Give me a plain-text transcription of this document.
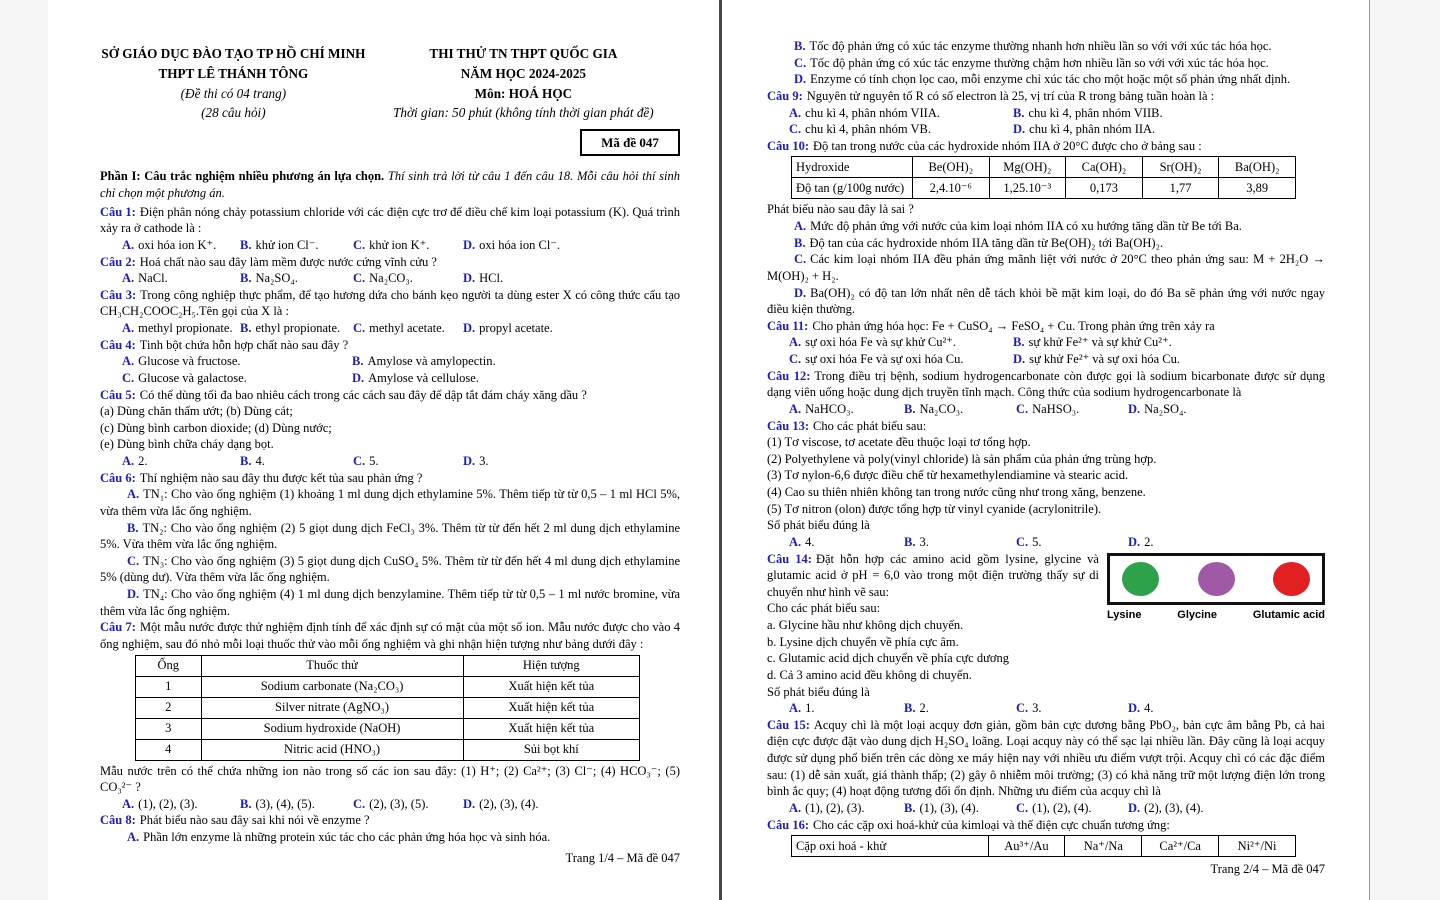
SỞ GIÁO DỤC ĐÀO TẠO TP HỒ CHÍ MINH
THPT LÊ THÁNH TÔNG
(Đề thi có 04 trang)
(28 câu hỏi)
THI THỬ TN THPT QUỐC GIA
NĂM HỌC 2024-2025
Môn: HOÁ HỌC
Thời gian: 50 phút (không tính thời gian phát đề)
Mã đề 047
Phần I: Câu trắc nghiệm nhiều phương án lựa chọn. Thí sinh trả lời từ câu 1 đến câu 18. Mỗi câu hỏi thí sinh chỉ chọn một phương án.
Câu 1: Điện phân nóng chảy potassium chloride với các điện cực trơ để điều chế kim loại potassium (K). Quá trình xảy ra ở cathode là :
A. oxi hóa ion K⁺.	B. khử ion Cl⁻.	C. khử ion K⁺.	D. oxi hóa ion Cl⁻.
Câu 2: Hoá chất nào sau đây làm mềm được nước cứng vĩnh cửu ?
A. NaCl.	B. Na₂SO₄.	C. Na₂CO₃.	D. HCl.
Câu 3: Trong công nghiệp thực phẩm, để tạo hương dứa cho bánh kẹo người ta dùng ester X có công thức cấu tạo CH₃CH₂COOC₂H₅.Tên gọi của X là :
A. methyl propionate. B. ethyl propionate.	C. methyl acetate.	D. propyl acetate.
Câu 4: Tinh bột chứa hỗn hợp chất nào sau đây ?
A. Glucose và fructose.	B. Amylose và amylopectin.
C. Glucose và galactose.	D. Amylose và cellulose.
Câu 5: Có thể dùng tối đa bao nhiêu cách trong các cách sau đây để dập tắt đám cháy xăng dầu ?
(a) Dùng chăn thấm ướt; (b) Dùng cát;
(c) Dùng bình carbon dioxide; (d) Dùng nước;
(e) Dùng bình chữa cháy dạng bọt.
A. 2.	B. 4.	C. 5.	D. 3.
Câu 6: Thí nghiệm nào sau đây thu được kết tủa sau phản ứng ?
A. TN₁: Cho vào ống nghiệm (1) khoảng 1 ml dung dịch ethylamine 5%. Thêm tiếp từ từ 0,5 – 1 ml HCl 5%, vừa thêm vừa lắc ống nghiệm.
B. TN₂: Cho vào ống nghiệm (2) 5 giọt dung dịch FeCl₃ 3%. Thêm từ từ đến hết 2 ml dung dịch ethylamine 5%. Vừa thêm vừa lắc ống nghiệm.
C. TN₃: Cho vào ống nghiệm (3) 5 giọt dung dịch CuSO₄ 5%. Thêm từ từ đến hết 4 ml dung dịch ethylamine 5% (dùng dư). Vừa thêm vừa lắc ống nghiệm.
D. TN₄: Cho vào ống nghiệm (4) 1 ml dung dịch benzylamine. Thêm tiếp từ từ 0,5 – 1 ml nước bromine, vừa thêm vừa lắc ống nghiệm.
Câu 7: Một mẫu nước được thử nghiệm định tính để xác định sự có mặt của một số ion. Mẫu nước được cho vào 4 ống nghiệm, sau đó nhỏ mỗi loại thuốc thử vào mỗi ống nghiệm và ghi nhận hiện tượng như bảng dưới đây :
Ống	Thuốc thử	Hiện tượng
1	Sodium carbonate (Na₂CO₃)	Xuất hiện kết tủa
2	Silver nitrate (AgNO₃)	Xuất hiện kết tủa
3	Sodium hydroxide (NaOH)	Xuất hiện kết tủa
4	Nitric acid (HNO₃)	Sủi bọt khí
Mẫu nước trên có thể chứa những ion nào trong số các ion sau đây: (1) H⁺; (2) Ca²⁺; (3) Cl⁻; (4) HCO₃⁻; (5) CO₃²⁻ ?
A. (1), (2), (3).	B. (3), (4), (5).	C. (2), (3), (5).	D. (2), (3), (4).
Câu 8: Phát biểu nào sau đây sai khi nói về enzyme ?
A. Phần lớn enzyme là những protein xúc tác cho các phản ứng hóa học và sinh hóa.
Trang 1/4 – Mã đề 047
B. Tốc độ phản ứng có xúc tác enzyme thường nhanh hơn nhiều lần so với với xúc tác hóa học.
C. Tốc độ phản ứng có xúc tác enzyme thường chậm hơn nhiều lần so với với xúc tác hóa học.
D. Enzyme có tính chọn lọc cao, mỗi enzyme chỉ xúc tác cho một hoặc một số phản ứng nhất định.
Câu 9: Nguyên tử nguyên tố R có số electron là 25, vị trí của R trong bảng tuần hoàn là :
A. chu kì 4, phân nhóm VIIA.	B. chu kì 4, phân nhóm VIIB.
C. chu kì 4, phân nhóm VB.	D. chu kì 4, phân nhóm IIA.
Câu 10: Độ tan trong nước của các hydroxide nhóm IIA ở 20°C được cho ở bảng sau :
Hydroxide	Be(OH)₂	Mg(OH)₂	Ca(OH)₂	Sr(OH)₂	Ba(OH)₂
Độ tan (g/100g nước)	2,4.10⁻⁶	1,25.10⁻³	0,173	1,77	3,89
Phát biểu nào sau đây là sai ?
A. Mức độ phản ứng với nước của kim loại nhóm IIA có xu hướng tăng dần từ Be tới Ba.
B. Độ tan của các hydroxide nhóm IIA tăng dần từ Be(OH)₂ tới Ba(OH)₂.
C. Các kim loại nhóm IIA đều phản ứng mãnh liệt với nước ở 20°C theo phản ứng sau: M + 2H₂O → M(OH)₂ + H₂.
D. Ba(OH)₂ có độ tan lớn nhất nên dễ tách khỏi bề mặt kim loại, do đó Ba sẽ phản ứng với nước ngay điều kiện thường.
Câu 11: Cho phản ứng hóa học: Fe + CuSO₄ → FeSO₄ + Cu. Trong phản ứng trên xảy ra
A. sự oxi hóa Fe và sự khử Cu²⁺.	B. sự khử Fe²⁺ và sự khử Cu²⁺.
C. sự oxi hóa Fe và sự oxi hóa Cu.	D. sự khử Fe²⁺ và sự oxi hóa Cu.
Câu 12: Trong điều trị bệnh, sodium hydrogencarbonate còn được gọi là sodium bicarbonate được sử dụng dạng viên uống hoặc dung dịch truyền tĩnh mạch. Công thức của sodium hydrogencarbonate là
A. NaHCO₃.	B. Na₂CO₃.	C. NaHSO₃.	D. Na₂SO₄.
Câu 13: Cho các phát biểu sau:
(1) Tơ viscose, tơ acetate đều thuộc loại tơ tổng hợp.
(2) Polyethylene và poly(vinyl chloride) là sản phẩm của phản ứng trùng hợp.
(3) Tơ nylon-6,6 được điều chế từ hexamethylendiamine và stearic acid.
(4) Cao su thiên nhiên không tan trong nước cũng như trong xăng, benzene.
(5) Tơ nitron (olon) được tổng hợp từ vinyl cyanide (acrylonitrile).
Số phát biểu đúng là
A. 4.	B. 3.	C. 5.	D. 2.
Lysine	Glycine	Glutamic acid
Câu 14: Đặt hỗn hợp các amino acid gồm lysine, glycine và glutamic acid ở pH = 6,0 vào trong một điện trường thấy sự di chuyển như hình vẽ sau:
Cho các phát biểu sau:
a. Glycine hầu như không dịch chuyển.
b. Lysine dịch chuyển về phía cực âm.
c. Glutamic acid dịch chuyển về phía cực dương
d. Cả 3 amino acid đều không di chuyển.
Số phát biểu đúng là
A. 1.	B. 2.	C. 3.	D. 4.
Câu 15: Acquy chì là một loại acquy đơn giản, gồm bản cực dương bằng PbO₂, bản cực âm bằng Pb, cả hai điện cực được đặt vào dung dịch H₂SO₄ loãng. Loại acquy này có thể sạc lại nhiều lần. Đây cũng là loại acquy được sử dụng phổ biến trên các dòng xe máy hiện nay với nhiều ưu điểm vượt trội. Acquy chì có các đặc điểm sau: (1) dễ sản xuất, giá thành thấp; (2) gây ô nhiễm môi trường; (3) có khả năng trữ một lượng điện lớn trong bình ắc quy; (4) hoạt động tương đối ổn định. Những ưu điểm của acquy chì là
A. (1), (2), (3).	B. (1), (3), (4).	C. (1), (2), (4).	D. (2), (3), (4).
Câu 16: Cho các cặp oxi hoá-khử của kimloại và thế điện cực chuẩn tương ứng:
Cặp oxi hoá - khử	Au³⁺/Au	Na⁺/Na	Ca²⁺/Ca	Ni²⁺/Ni
Trang 2/4 – Mã đề 047
